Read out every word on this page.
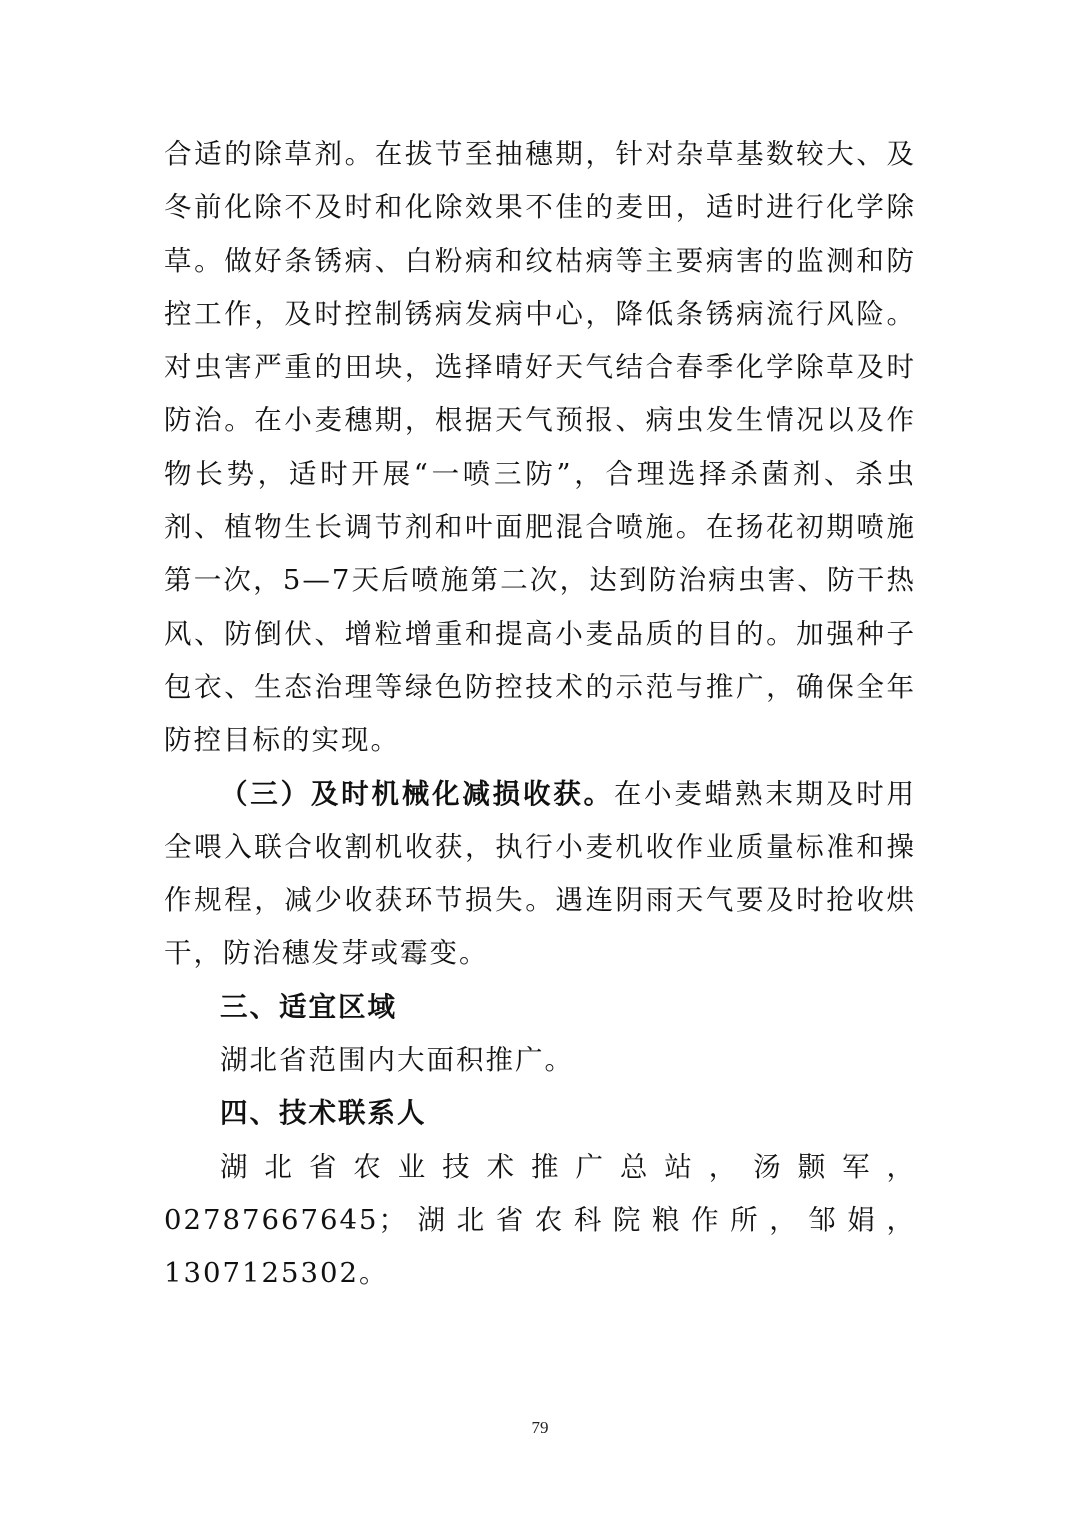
合适的除草剂。在拔节至抽穗期，针对杂草基数较大、及冬前化除不及时和化除效果不佳的麦田，适时进行化学除草。做好条锈病、白粉病和纹枯病等主要病害的监测和防控工作，及时控制锈病发病中心，降低条锈病流行风险。对虫害严重的田块，选择晴好天气结合春季化学除草及时防治。在小麦穗期，根据天气预报、病虫发生情况以及作物长势，适时开展“一喷三防”，合理选择杀菌剂、杀虫剂、植物生长调节剂和叶面肥混合喷施。在扬花初期喷施第一次，5—7天后喷施第二次，达到防治病虫害、防干热风、防倒伏、增粒增重和提高小麦品质的目的。加强种子包衣、生态治理等绿色防控技术的示范与推广，确保全年防控目标的实现。

（三）及时机械化减损收获。在小麦蜡熟末期及时用全喂入联合收割机收获，执行小麦机收作业质量标准和操作规程，减少收获环节损失。遇连阴雨天气要及时抢收烘干，防治穗发芽或霉变。

三、适宜区域

湖北省范围内大面积推广。

四、技术联系人

湖北省农业技术推广总站，汤颢军，02787667645；湖北省农科院粮作所，邹娟，1307125302。

79
